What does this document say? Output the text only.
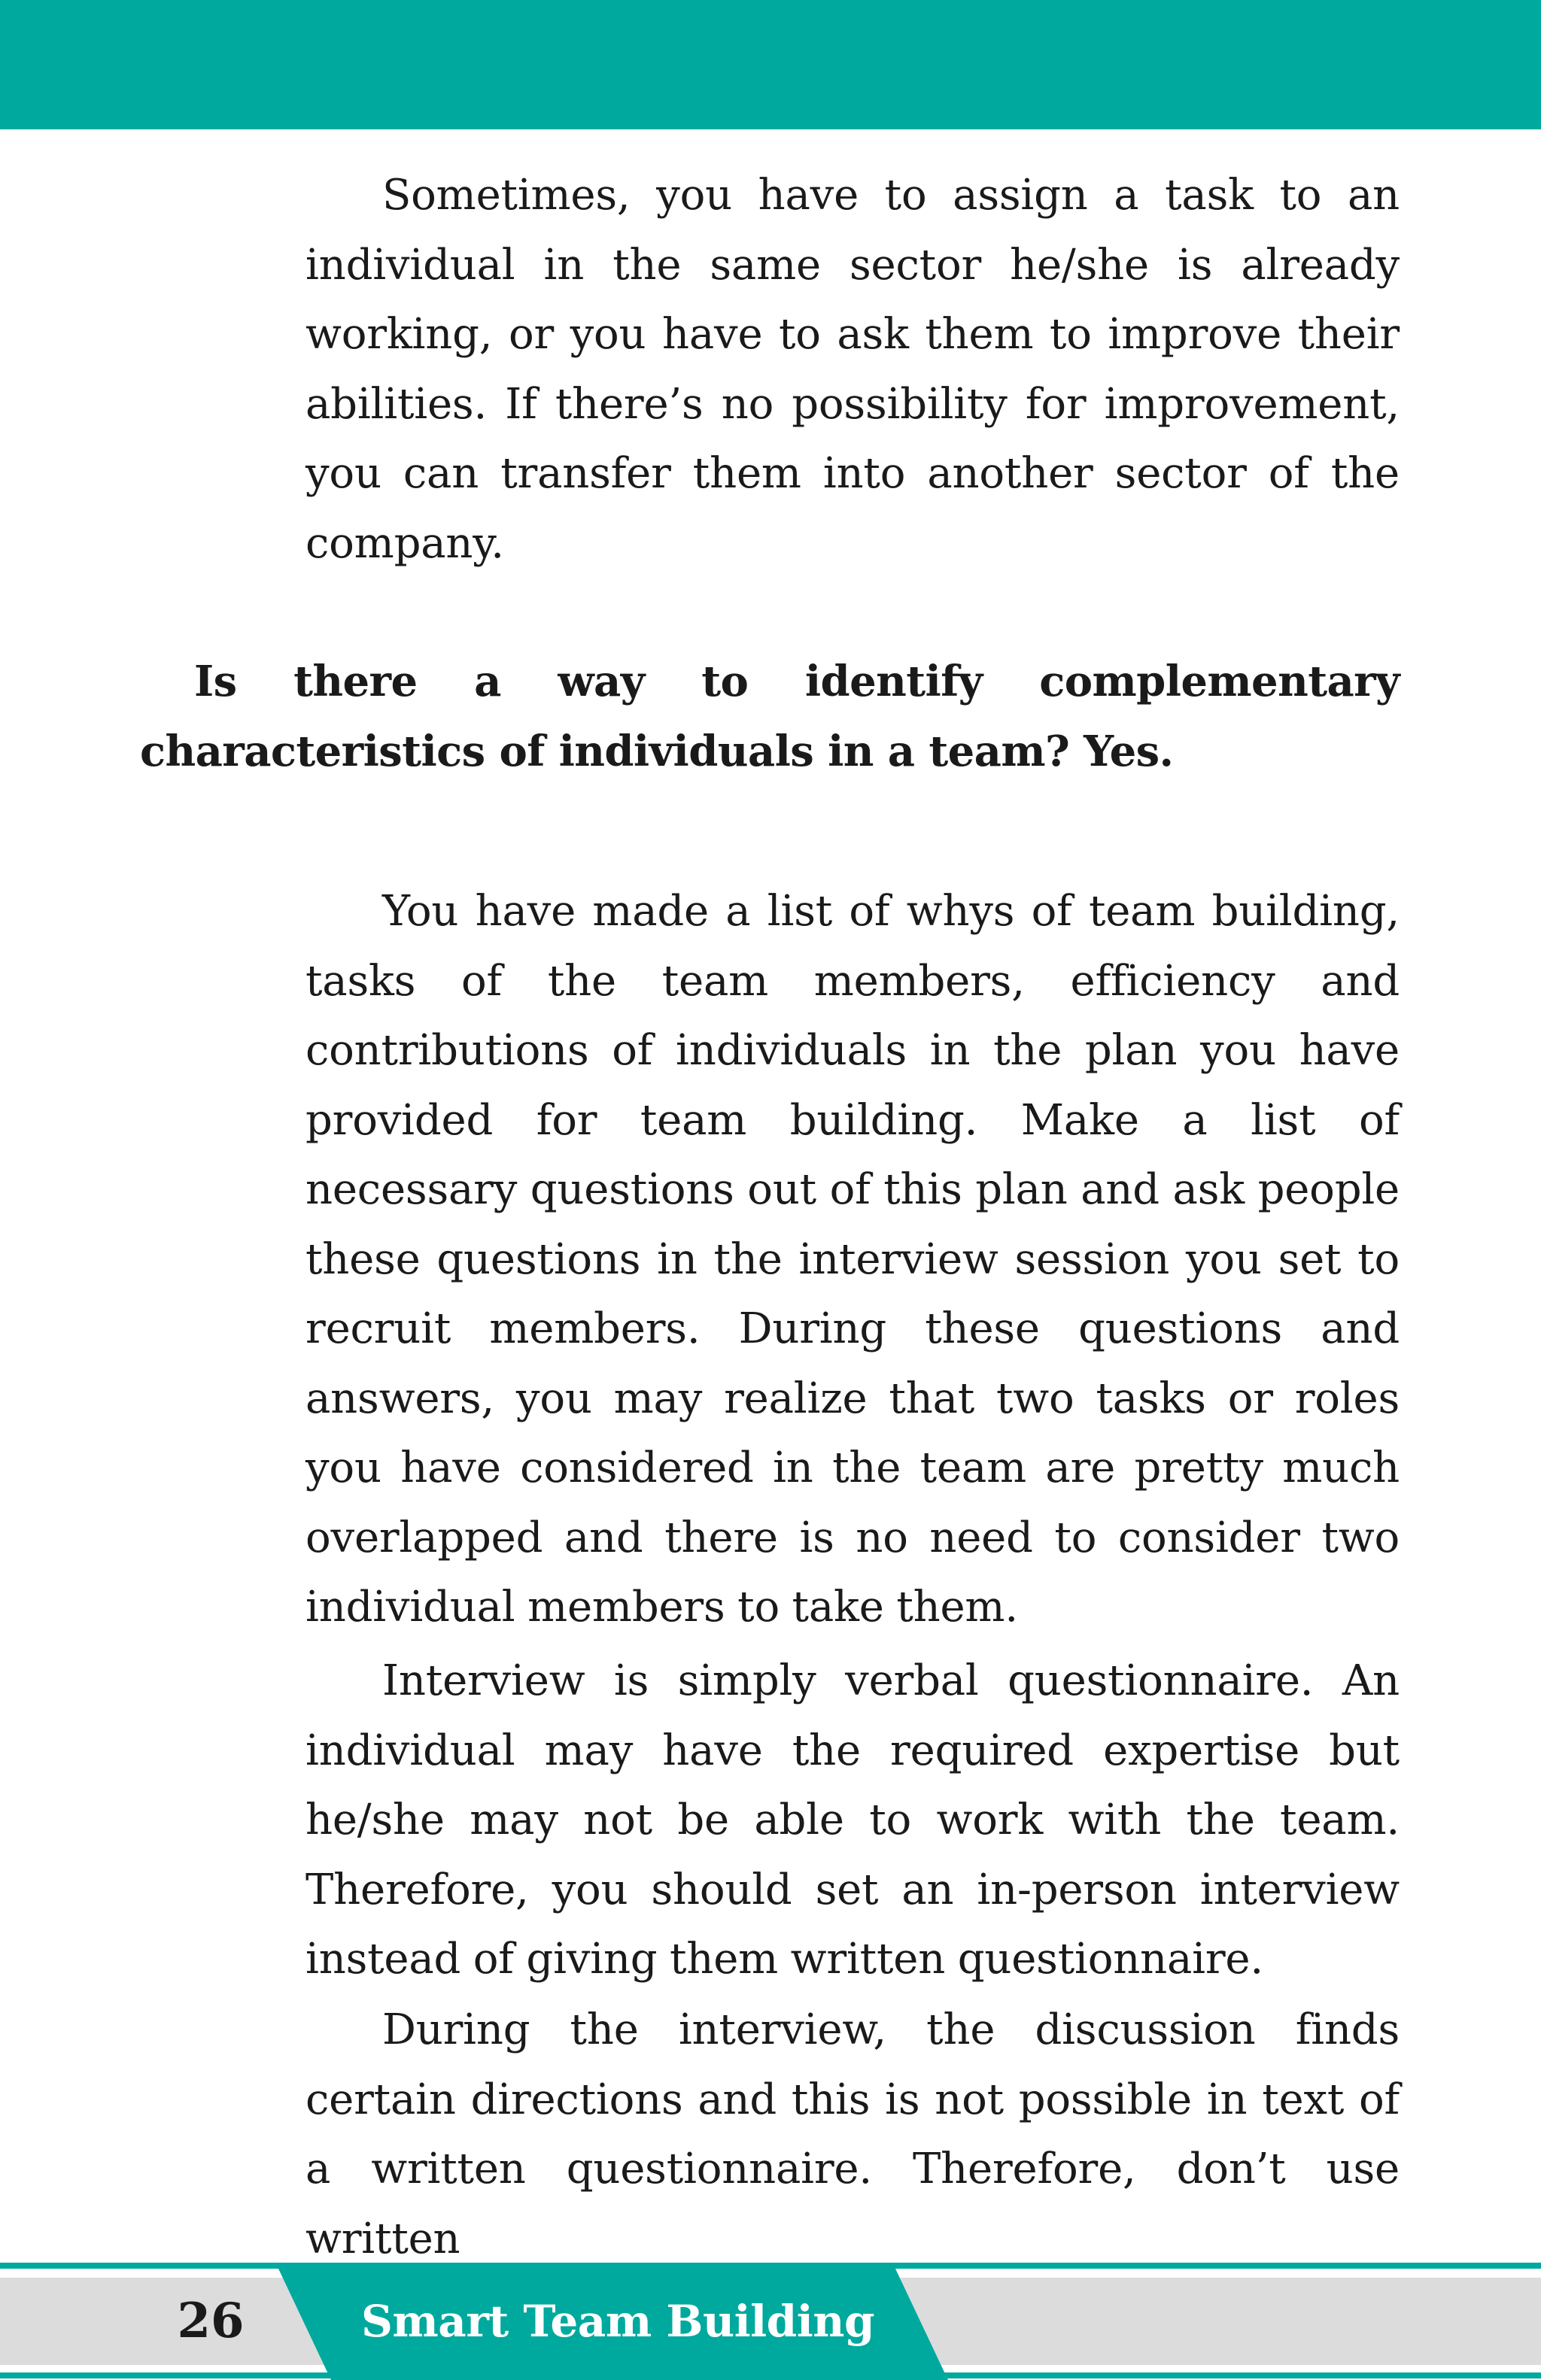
Sometimes, you have to assign a task to an individual in the same sector he/she is already working, or you have to ask them to improve their abilities. If there’s no possibility for improvement, you can transfer them into another sector of the company.

Is there a way to identify complementary characteristics of individuals in a team? Yes.

You have made a list of whys of team building, tasks of the team members, efficiency and contributions of individuals in the plan you have provided for team building. Make a list of necessary questions out of this plan and ask people these questions in the interview session you set to recruit members. During these questions and answers, you may realize that two tasks or roles you have considered in the team are pretty much overlapped and there is no need to consider two individual members to take them.

Interview is simply verbal questionnaire. An individual may have the required expertise but he/she may not be able to work with the team. Therefore, you should set an in-person interview instead of giving them written questionnaire.

During the interview, the discussion finds certain directions and this is not possible in text of a written questionnaire. Therefore, don’t use written

26	Smart Team Building
